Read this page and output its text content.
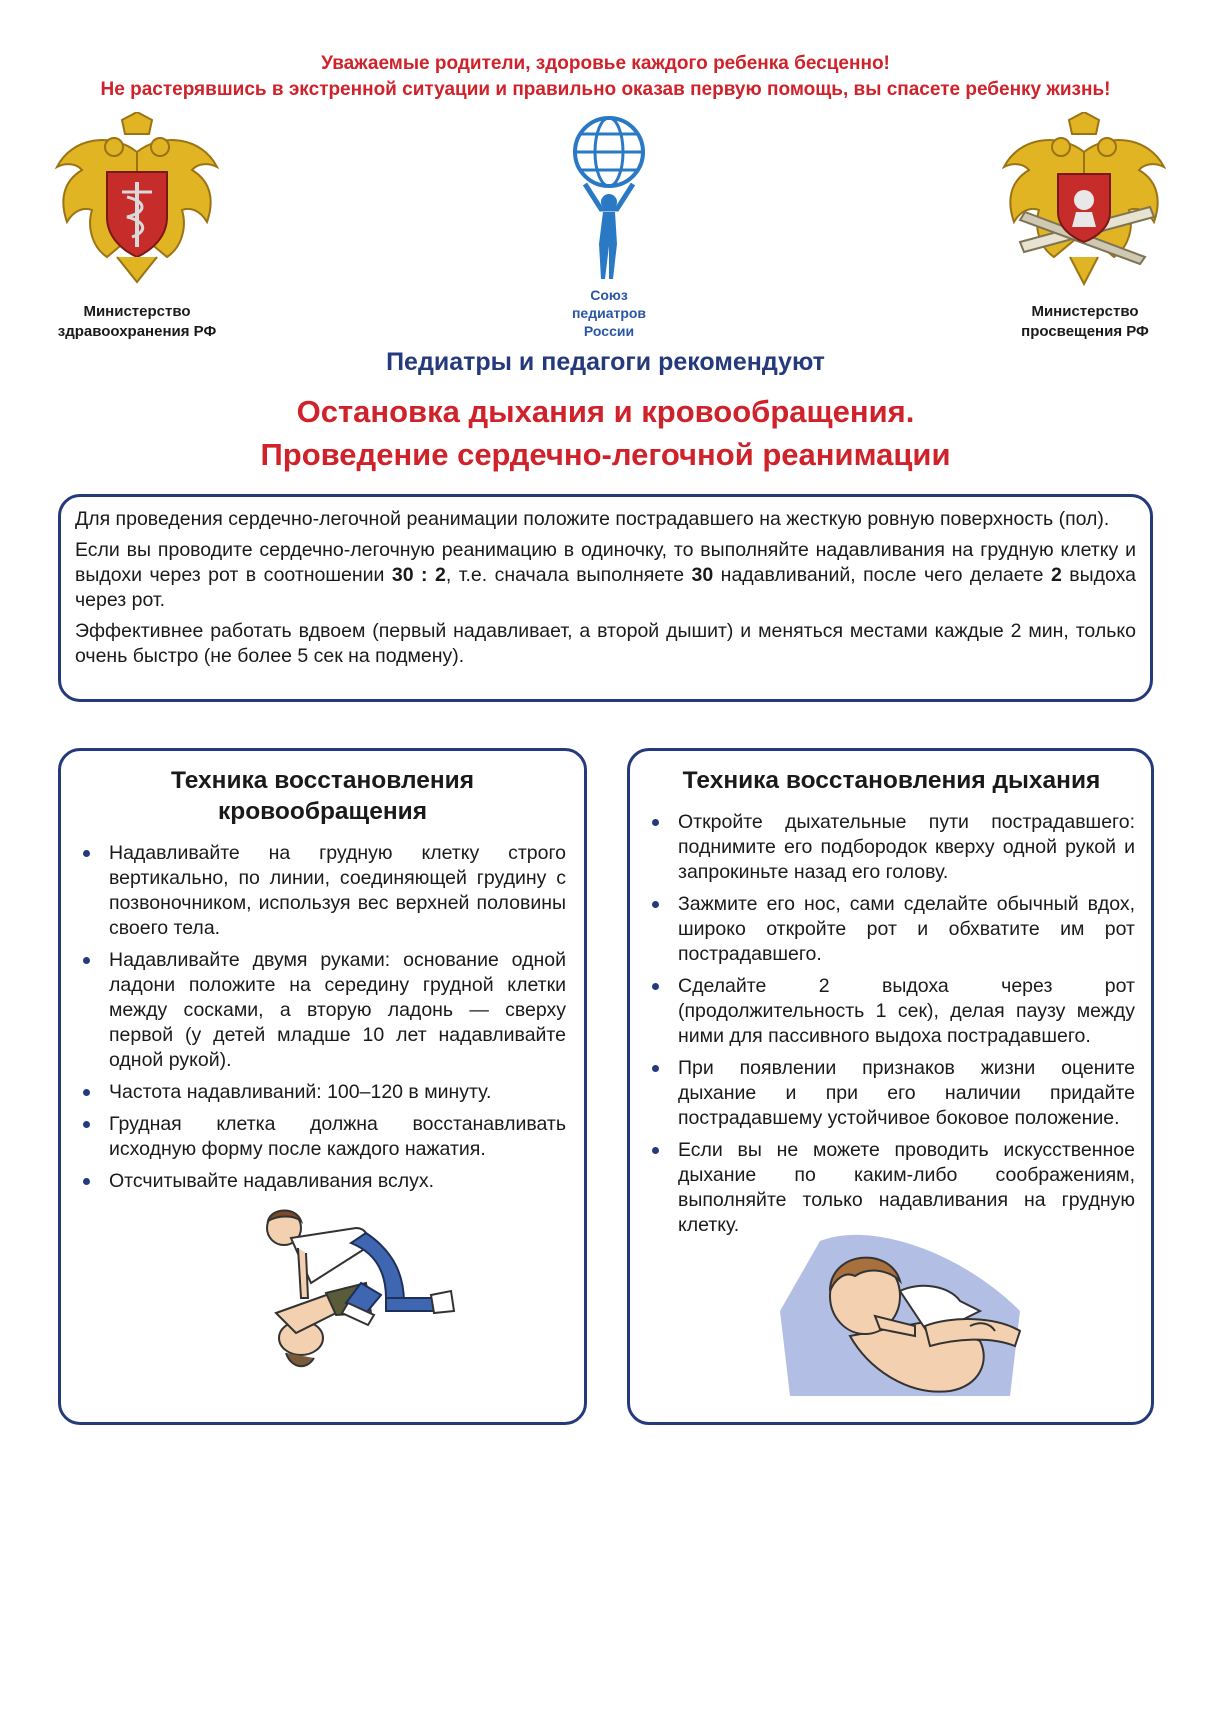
Уважаемые родители, здоровье каждого ребенка бесценно!
Не растерявшись в экстренной ситуации и правильно оказав первую помощь, вы спасете ребенку жизнь!
Министерство
здравоохранения РФ
Союз
педиатров
России
Министерство
просвещения РФ
Педиатры и педагоги рекомендуют
Остановка дыхания и кровообращения.
Проведение сердечно-легочной реанимации

Для проведения сердечно-легочной реанимации положите пострадавшего на жесткую ровную поверхность (пол).

Если вы проводите сердечно-легочную реанимацию в одиночку, то выполняйте надавливания на грудную клетку и выдохи через рот в соотношении 30 : 2, т.е. сначала выполняете 30 надавливаний, после чего делаете 2 выдоха через рот.

Эффективнее работать вдвоем (первый надавливает, а второй дышит) и меняться местами каждые 2 мин, только очень быстро (не более 5 сек на подмену).

Техника восстановления
кровообращения
Надавливайте на грудную клетку строго вертикально, по линии, соединяющей грудину с позвоночником, используя вес верхней половины своего тела.
Надавливайте двумя руками: основание одной ладони положите на середину грудной клетки между сосками, а вторую ладонь — сверху первой (у детей младше 10 лет надавливайте одной рукой).
Частота надавливаний: 100–120 в минуту.
Грудная клетка должна восстанавливать исходную форму после каждого нажатия.
Отсчитывайте надавливания вслух.
Техника восстановления дыхания
Откройте дыхательные пути пострадавшего: поднимите его подбородок кверху одной рукой и запрокиньте назад его голову.
Зажмите его нос, сами сделайте обычный вдох, широко откройте рот и обхватите им рот пострадавшего.
Сделайте 2 выдоха через рот (продолжительность 1 сек), делая паузу между ними для пассивного выдоха пострадавшего.
При появлении признаков жизни оцените дыхание и при его наличии придайте пострадавшему устойчивое боковое положение.
Если вы не можете проводить искусственное дыхание по каким-либо соображениям, выполняйте только надавливания на грудную клетку.
